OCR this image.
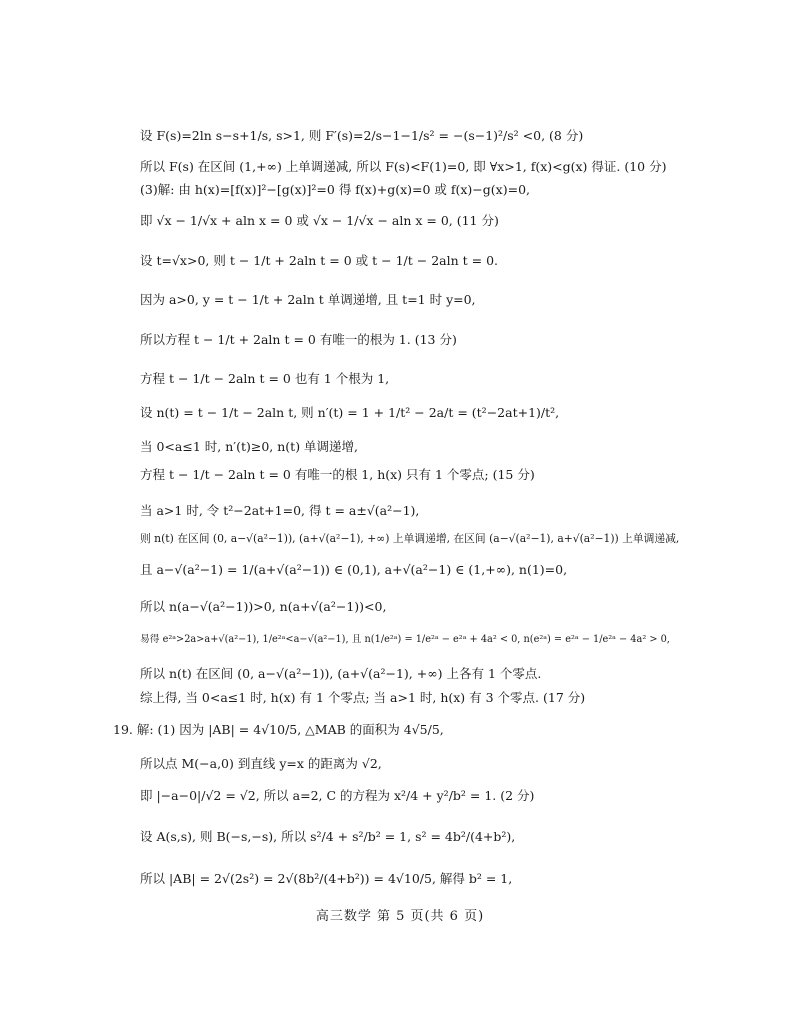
设 F(s)=2ln s−s+1/s, s>1, 则 F′(s)=2/s−1−1/s² = −(s−1)²/s² <0, (8 分)
所以 F(s) 在区间 (1,+∞) 上单调递减, 所以 F(s)<F(1)=0, 即 ∀x>1, f(x)<g(x) 得证. (10 分)
(3)解: 由 h(x)=[f(x)]²−[g(x)]²=0 得 f(x)+g(x)=0 或 f(x)−g(x)=0,
即 √x − 1/√x + aln x = 0 或 √x − 1/√x − aln x = 0, (11 分)
设 t=√x>0, 则 t − 1/t + 2aln t = 0 或 t − 1/t − 2aln t = 0.
因为 a>0, y = t − 1/t + 2aln t 单调递增, 且 t=1 时 y=0,
所以方程 t − 1/t + 2aln t = 0 有唯一的根为 1. (13 分)
方程 t − 1/t − 2aln t = 0 也有 1 个根为 1,
设 n(t) = t − 1/t − 2aln t, 则 n′(t) = 1 + 1/t² − 2a/t = (t²−2at+1)/t²,
当 0<a≤1 时, n′(t)≥0, n(t) 单调递增,
方程 t − 1/t − 2aln t = 0 有唯一的根 1, h(x) 只有 1 个零点; (15 分)
当 a>1 时, 令 t²−2at+1=0, 得 t = a±√(a²−1),
则 n(t) 在区间 (0, a−√(a²−1)), (a+√(a²−1), +∞) 上单调递增, 在区间 (a−√(a²−1), a+√(a²−1)) 上单调递减,
且 a−√(a²−1) = 1/(a+√(a²−1)) ∈ (0,1), a+√(a²−1) ∈ (1,+∞), n(1)=0,
所以 n(a−√(a²−1))>0, n(a+√(a²−1))<0,
易得 e²ᵃ>2a>a+√(a²−1), 1/e²ᵃ<a−√(a²−1), 且 n(1/e²ᵃ) = 1/e²ᵃ − e²ᵃ + 4a² < 0, n(e²ᵃ) = e²ᵃ − 1/e²ᵃ − 4a² > 0,
所以 n(t) 在区间 (0, a−√(a²−1)), (a+√(a²−1), +∞) 上各有 1 个零点.
综上得, 当 0<a≤1 时, h(x) 有 1 个零点; 当 a>1 时, h(x) 有 3 个零点. (17 分)
19. 解: (1) 因为 |AB| = 4√10/5, △MAB 的面积为 4√5/5,
所以点 M(−a,0) 到直线 y=x 的距离为 √2,
即 |−a−0|/√2 = √2, 所以 a=2, C 的方程为 x²/4 + y²/b² = 1. (2 分)
设 A(s,s), 则 B(−s,−s), 所以 s²/4 + s²/b² = 1, s² = 4b²/(4+b²),
所以 |AB| = 2√(2s²) = 2√(8b²/(4+b²)) = 4√10/5, 解得 b² = 1,
高三数学 第 5 页(共 6 页)
